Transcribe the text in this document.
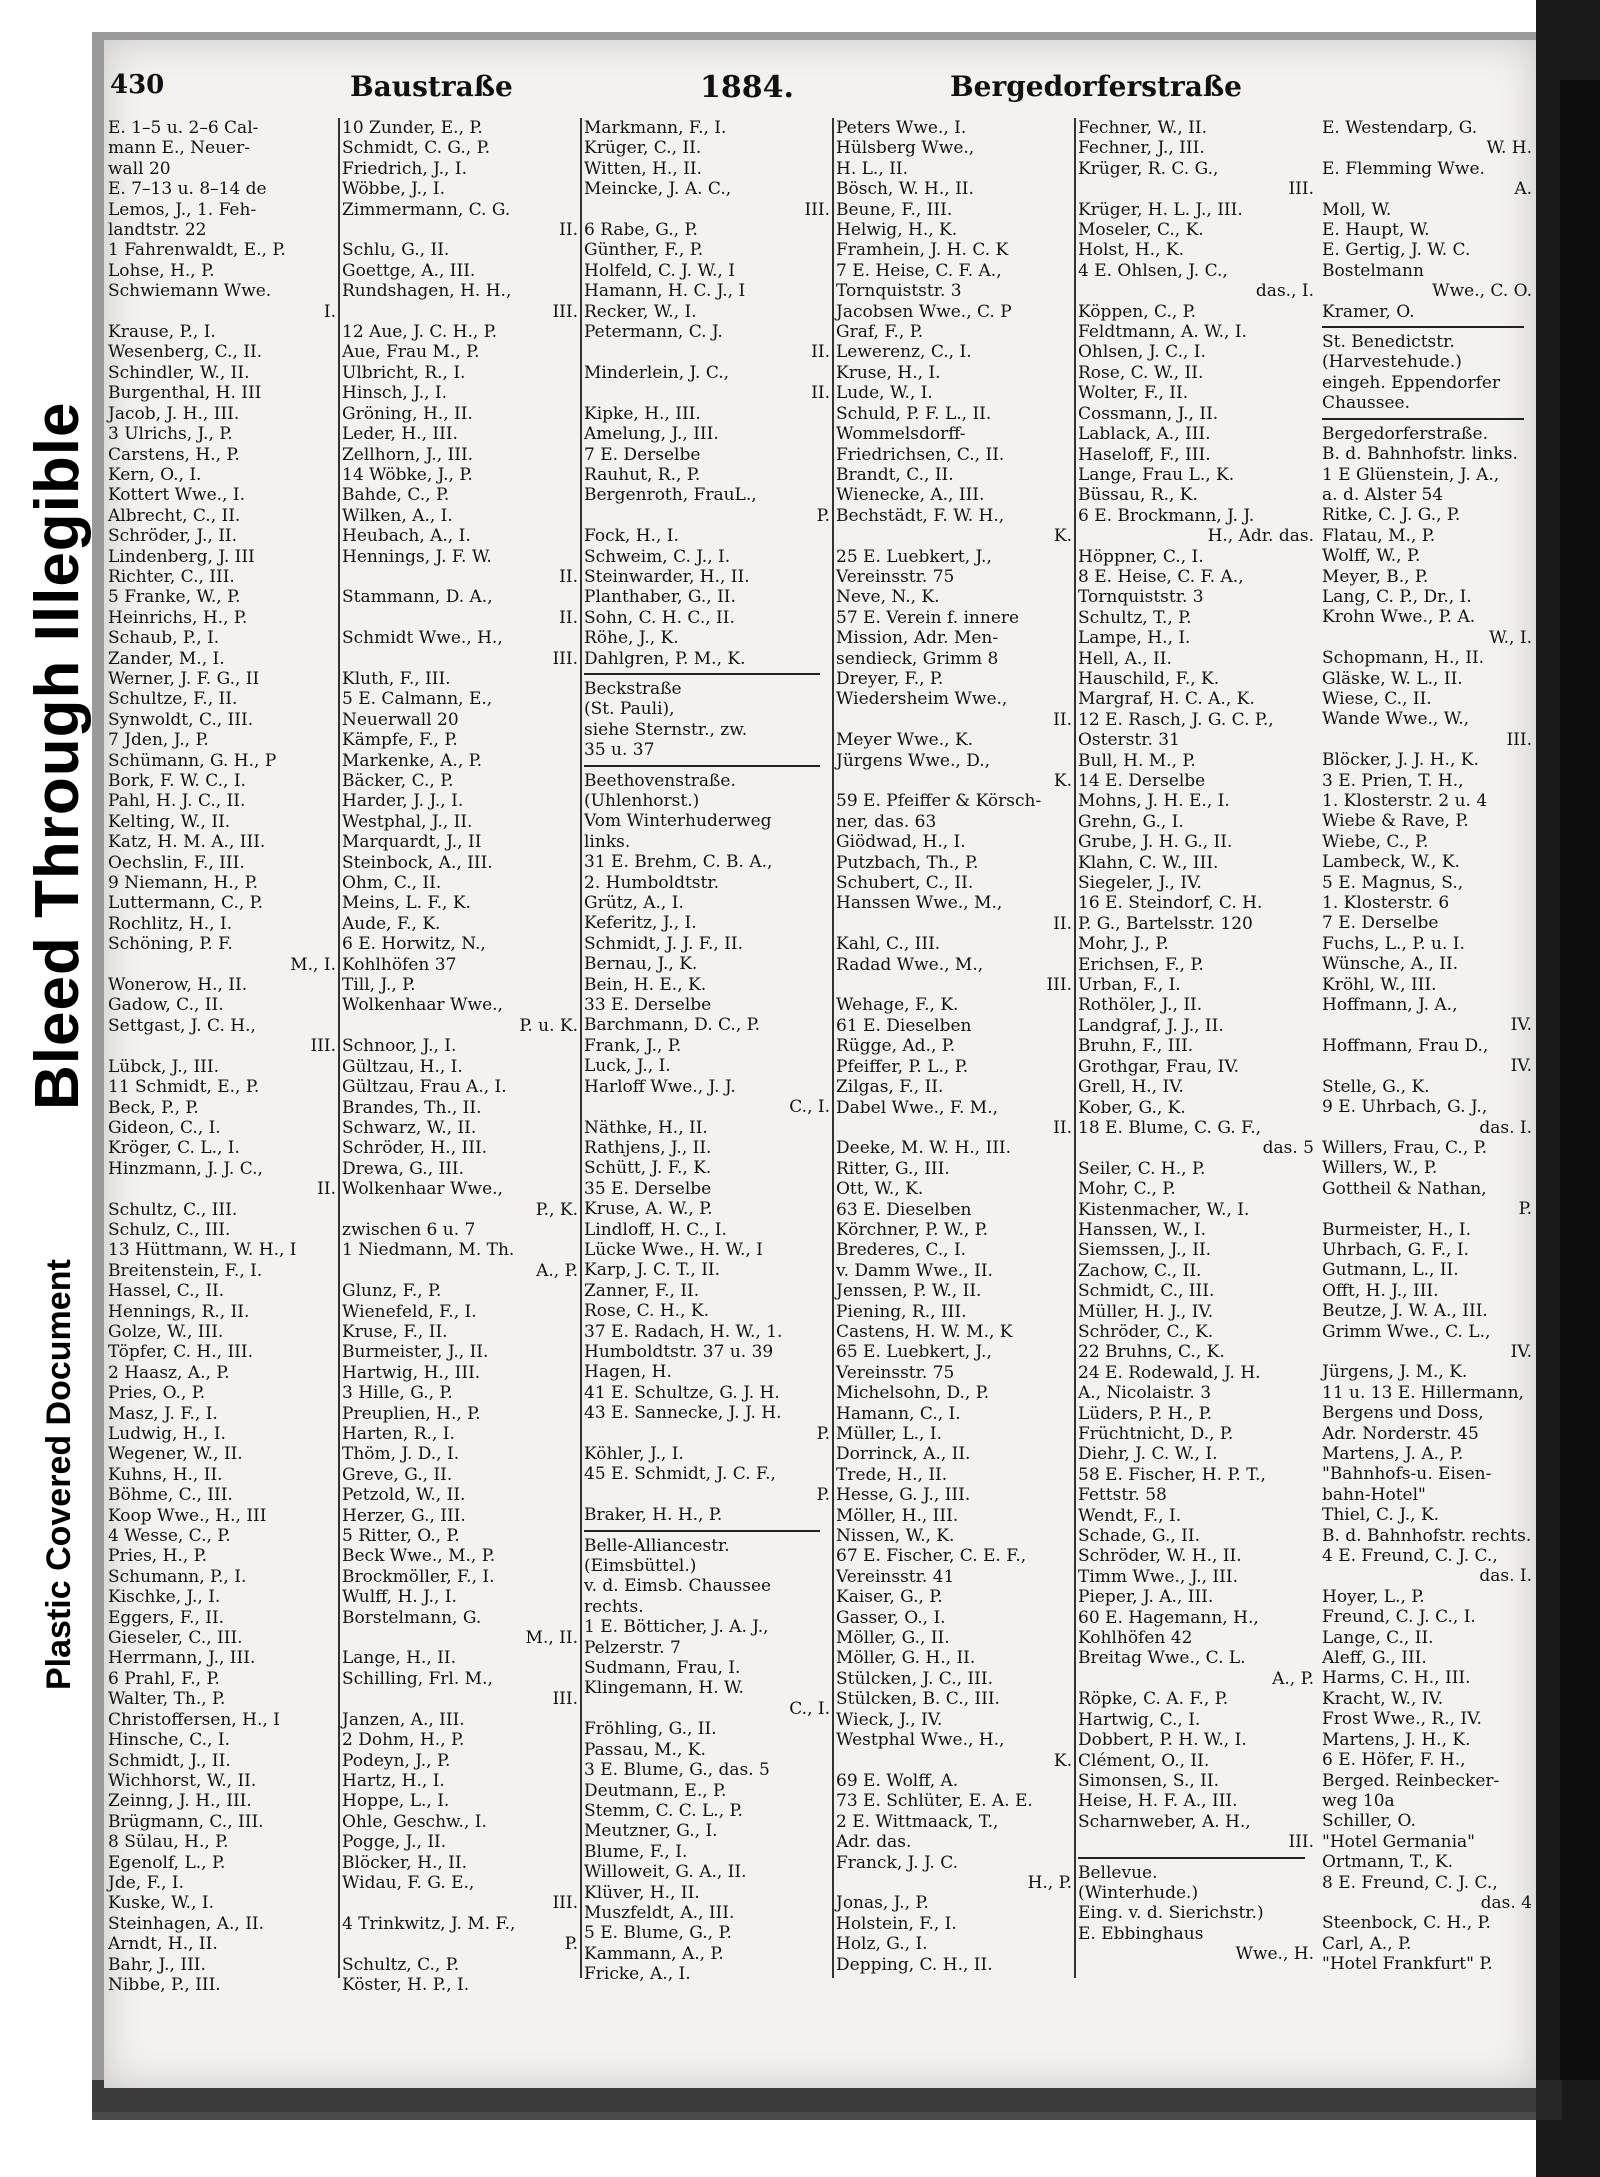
Bleed Through Illegible
Plastic Covered Document
430	Baustraße	1884.	Bergedorferstraße
E. 1–5 u. 2–6 Cal-
mann E., Neuer-
wall 20
E. 7–13 u. 8–14 de
Lemos, J., 1. Feh-
landtstr. 22
1 Fahrenwaldt, E., P.
Lohse, H., P.
Schwiemann Wwe.
I.
Krause, P., I.
Wesenberg, C., II.
Schindler, W., II.
Burgenthal, H. III
Jacob, J. H., III.
3 Ulrichs, J., P.
Carstens, H., P.
Kern, O., I.
Kottert Wwe., I.
Albrecht, C., II.
Schröder, J., II.
Lindenberg, J. III
Richter, C., III.
5 Franke, W., P.
Heinrichs, H., P.
Schaub, P., I.
Zander, M., I.
Werner, J. F. G., II
Schultze, F., II.
Synwoldt, C., III.
7 Jden, J., P.
Schümann, G. H., P
Bork, F. W. C., I.
Pahl, H. J. C., II.
Kelting, W., II.
Katz, H. M. A., III.
Oechslin, F., III.
9 Niemann, H., P.
Luttermann, C., P.
Rochlitz, H., I.
Schöning, P. F.
M., I.
Wonerow, H., II.
Gadow, C., II.
Settgast, J. C. H.,
III.
Lübck, J., III.
11 Schmidt, E., P.
Beck, P., P.
Gideon, C., I.
Kröger, C. L., I.
Hinzmann, J. J. C.,
II.
Schultz, C., III.
Schulz, C., III.
13 Hüttmann, W. H., I
Breitenstein, F., I.
Hassel, C., II.
Hennings, R., II.
Golze, W., III.
Töpfer, C. H., III.
2 Haasz, A., P.
Pries, O., P.
Masz, J. F., I.
Ludwig, H., I.
Wegener, W., II.
Kuhns, H., II.
Böhme, C., III.
Koop Wwe., H., III
4 Wesse, C., P.
Pries, H., P.
Schumann, P., I.
Kischke, J., I.
Eggers, F., II.
Gieseler, C., III.
Herrmann, J., III.
6 Prahl, F., P.
Walter, Th., P.
Christoffersen, H., I
Hinsche, C., I.
Schmidt, J., II.
Wichhorst, W., II.
Zeinng, J. H., III.
Brügmann, C., III.
8 Sülau, H., P.
Egenolf, L., P.
Jde, F., I.
Kuske, W., I.
Steinhagen, A., II.
Arndt, H., II.
Bahr, J., III.
Nibbe, P., III.
10 Zunder, E., P.
Schmidt, C. G., P.
Friedrich, J., I.
Wöbbe, J., I.
Zimmermann, C. G.
II.
Schlu, G., II.
Goettge, A., III.
Rundshagen, H. H.,
III.
12 Aue, J. C. H., P.
Aue, Frau M., P.
Ulbricht, R., I.
Hinsch, J., I.
Gröning, H., II.
Leder, H., III.
Zellhorn, J., III.
14 Wöbke, J., P.
Bahde, C., P.
Wilken, A., I.
Heubach, A., I.
Hennings, J. F. W.
II.
Stammann, D. A.,
II.
Schmidt Wwe., H.,
III.
Kluth, F., III.
5 E. Calmann, E.,
Neuerwall 20
Kämpfe, F., P.
Markenke, A., P.
Bäcker, C., P.
Harder, J. J., I.
Westphal, J., II.
Marquardt, J., II
Steinbock, A., III.
Ohm, C., II.
Meins, L. F., K.
Aude, F., K.
6 E. Horwitz, N.,
Kohlhöfen 37
Till, J., P.
Wolkenhaar Wwe.,
P. u. K.
Schnoor, J., I.
Gültzau, H., I.
Gültzau, Frau A., I.
Brandes, Th., II.
Schwarz, W., II.
Schröder, H., III.
Drewa, G., III.
Wolkenhaar Wwe.,
P., K.
zwischen 6 u. 7
1 Niedmann, M. Th.
A., P.
Glunz, F., P.
Wienefeld, F., I.
Kruse, F., II.
Burmeister, J., II.
Hartwig, H., III.
3 Hille, G., P.
Preuplien, H., P.
Harten, R., I.
Thöm, J. D., I.
Greve, G., II.
Petzold, W., II.
Herzer, G., III.
5 Ritter, O., P.
Beck Wwe., M., P.
Brockmöller, F., I.
Wulff, H. J., I.
Borstelmann, G.
M., II.
Lange, H., II.
Schilling, Frl. M.,
III.
Janzen, A., III.
2 Dohm, H., P.
Podeyn, J., P.
Hartz, H., I.
Hoppe, L., I.
Ohle, Geschw., I.
Pogge, J., II.
Blöcker, H., II.
Widau, F. G. E.,
III.
4 Trinkwitz, J. M. F.,
P.
Schultz, C., P.
Köster, H. P., I.
Peters Wwe., I.
Hülsberg Wwe.,
H. L., II.
Bösch, W. H., II.
Beune, F., III.
Helwig, H., K.
Framhein, J. H. C. K
7 E. Heise, C. F. A.,
Tornquiststr. 3
Jacobsen Wwe., C. P
Graf, F., P.
Lewerenz, C., I.
Kruse, H., I.
Lude, W., I.
Schuld, P. F. L., II.
Wommelsdorff-
Friedrichsen, C., II.
Brandt, C., II.
Wienecke, A., III.
Bechstädt, F. W. H.,
K.
25 E. Luebkert, J.,
Vereinsstr. 75
Neve, N., K.
57 E. Verein f. innere
Mission, Adr. Men-
sendieck, Grimm 8
Dreyer, F., P.
Wiedersheim Wwe.,
II.
Meyer Wwe., K.
Jürgens Wwe., D.,
K.
59 E. Pfeiffer & Körsch-
ner, das. 63
Giödwad, H., I.
Putzbach, Th., P.
Schubert, C., II.
Hanssen Wwe., M.,
II.
Kahl, C., III.
Radad Wwe., M.,
III.
Wehage, F., K.
61 E. Dieselben
Rügge, Ad., P.
Pfeiffer, P. L., P.
Zilgas, F., II.
Dabel Wwe., F. M.,
II.
Deeke, M. W. H., III.
Ritter, G., III.
Ott, W., K.
63 E. Dieselben
Körchner, P. W., P.
Brederes, C., I.
v. Damm Wwe., II.
Jenssen, P. W., II.
Piening, R., III.
Castens, H. W. M., K
65 E. Luebkert, J.,
Vereinsstr. 75
Michelsohn, D., P.
Hamann, C., I.
Müller, L., I.
Dorrinck, A., II.
Trede, H., II.
Hesse, G. J., III.
Möller, H., III.
Nissen, W., K.
67 E. Fischer, C. E. F.,
Vereinsstr. 41
Kaiser, G., P.
Gasser, O., I.
Möller, G., II.
Möller, G. H., II.
Stülcken, J. C., III.
Stülcken, B. C., III.
Wieck, J., IV.
Westphal Wwe., H.,
K.
69 E. Wolff, A.
73 E. Schlüter, E. A. E.
2 E. Wittmaack, T.,
Adr. das.
Franck, J. J. C.
H., P.
Jonas, J., P.
Holstein, F., I.
Holz, G., I.
Depping, C. H., II.
Fechner, W., II.
Fechner, J., III.
Krüger, R. C. G.,
III.
Krüger, H. L. J., III.
Moseler, C., K.
Holst, H., K.
4 E. Ohlsen, J. C.,
das., I.
Köppen, C., P.
Feldtmann, A. W., I.
Ohlsen, J. C., I.
Rose, C. W., II.
Wolter, F., II.
Cossmann, J., II.
Lablack, A., III.
Haseloff, F., III.
Lange, Frau L., K.
Büssau, R., K.
6 E. Brockmann, J. J.
H., Adr. das.
Höppner, C., I.
8 E. Heise, C. F. A.,
Tornquiststr. 3
Schultz, T., P.
Lampe, H., I.
Hell, A., II.
Hauschild, F., K.
Margraf, H. C. A., K.
12 E. Rasch, J. G. C. P.,
Osterstr. 31
Bull, H. M., P.
14 E. Derselbe
Mohns, J. H. E., I.
Grehn, G., I.
Grube, J. H. G., II.
Klahn, C. W., III.
Siegeler, J., IV.
16 E. Steindorf, C. H.
P. G., Bartelsstr. 120
Mohr, J., P.
Erichsen, F., P.
Urban, F., I.
Rothöler, J., II.
Landgraf, J. J., II.
Bruhn, F., III.
Grothgar, Frau, IV.
Grell, H., IV.
Kober, G., K.
18 E. Blume, C. G. F.,
das. 5
Seiler, C. H., P.
Mohr, C., P.
Kistenmacher, W., I.
Hanssen, W., I.
Siemssen, J., II.
Zachow, C., II.
Schmidt, C., III.
Müller, H. J., IV.
Schröder, C., K.
22 Bruhns, C., K.
24 E. Rodewald, J. H.
A., Nicolaistr. 3
Lüders, P. H., P.
Früchtnicht, D., P.
Diehr, J. C. W., I.
58 E. Fischer, H. P. T.,
Fettstr. 58
Wendt, F., I.
Schade, G., II.
Schröder, W. H., II.
Timm Wwe., J., III.
Pieper, J. A., III.
60 E. Hagemann, H.,
Kohlhöfen 42
Breitag Wwe., C. L.
A., P.
Röpke, C. A. F., P.
Hartwig, C., I.
Dobbert, P. H. W., I.
Clément, O., II.
Simonsen, S., II.
Heise, H. F. A., III.
Scharnweber, A. H.,
III.
Bellevue.
(Winterhude.)
Eing. v. d. Sierichstr.)
E. Ebbinghaus
Wwe., H.
E. Westendarp, G.
W. H.
E. Flemming Wwe.
A.
Moll, W.
E. Haupt, W.
E. Gertig, J. W. C.
Bostelmann
Wwe., C. O.
Kramer, O.
St. Benedictstr.
(Harvestehude.)
eingeh. Eppendorfer
Chaussee.
Bergedorferstraße.
B. d. Bahnhofstr. links.
1 E Glüenstein, J. A.,
a. d. Alster 54
Ritke, C. J. G., P.
Flatau, M., P.
Wolff, W., P.
Meyer, B., P.
Lang, C. P., Dr., I.
Krohn Wwe., P. A.
W., I.
Schopmann, H., II.
Gläske, W. L., II.
Wiese, C., II.
Wande Wwe., W.,
III.
Blöcker, J. J. H., K.
3 E. Prien, T. H.,
1. Klosterstr. 2 u. 4
Wiebe & Rave, P.
Wiebe, C., P.
Lambeck, W., K.
5 E. Magnus, S.,
1. Klosterstr. 6
7 E. Derselbe
Fuchs, L., P. u. I.
Wünsche, A., II.
Kröhl, W., III.
Hoffmann, J. A.,
IV.
Hoffmann, Frau D.,
IV.
Stelle, G., K.
9 E. Uhrbach, G. J.,
das. I.
Willers, Frau, C., P.
Willers, W., P.
Gottheil & Nathan,
P.
Burmeister, H., I.
Uhrbach, G. F., I.
Gutmann, L., II.
Offt, H. J., III.
Beutze, J. W. A., III.
Grimm Wwe., C. L.,
IV.
Jürgens, J. M., K.
11 u. 13 E. Hillermann,
Bergens und Doss,
Adr. Norderstr. 45
Martens, J. A., P.
"Bahnhofs-u. Eisen-
bahn-Hotel"
Thiel, C. J., K.
B. d. Bahnhofstr. rechts.
4 E. Freund, C. J. C.,
das. I.
Hoyer, L., P.
Freund, C. J. C., I.
Lange, C., II.
Aleff, G., III.
Harms, C. H., III.
Kracht, W., IV.
Frost Wwe., R., IV.
Martens, J. H., K.
6 E. Höfer, F. H.,
Berged. Reinbecker-
weg 10a
Schiller, O.
"Hotel Germania"
Ortmann, T., K.
8 E. Freund, C. J. C.,
das. 4
Steenbock, C. H., P.
Carl, A., P.
"Hotel Frankfurt" P.
Markmann, F., I.
Krüger, C., II.
Witten, H., II.
Meincke, J. A. C.,
III.
6 Rabe, G., P.
Günther, F., P.
Holfeld, C. J. W., I
Hamann, H. C. J., I
Recker, W., I.
Petermann, C. J.
II.
Minderlein, J. C.,
II.
Kipke, H., III.
Amelung, J., III.
7 E. Derselbe
Rauhut, R., P.
Bergenroth, FrauL.,
P.
Fock, H., I.
Schweim, C. J., I.
Steinwarder, H., II.
Planthaber, G., II.
Sohn, C. H. C., II.
Röhe, J., K.
Dahlgren, P. M., K.
Beckstraße
(St. Pauli),
siehe Sternstr., zw.
35 u. 37
Beethovenstraße.
(Uhlenhorst.)
Vom Winterhuderweg
links.
31 E. Brehm, C. B. A.,
2. Humboldtstr.
Grütz, A., I.
Keferitz, J., I.
Schmidt, J. J. F., II.
Bernau, J., K.
Bein, H. E., K.
33 E. Derselbe
Barchmann, D. C., P.
Frank, J., P.
Luck, J., I.
Harloff Wwe., J. J.
C., I.
Näthke, H., II.
Rathjens, J., II.
Schütt, J. F., K.
35 E. Derselbe
Kruse, A. W., P.
Lindloff, H. C., I.
Lücke Wwe., H. W., I
Karp, J. C. T., II.
Zanner, F., II.
Rose, C. H., K.
37 E. Radach, H. W., 1.
Humboldtstr. 37 u. 39
Hagen, H.
41 E. Schultze, G. J. H.
43 E. Sannecke, J. J. H.
P.
Köhler, J., I.
45 E. Schmidt, J. C. F.,
P.
Braker, H. H., P.
Belle-Alliancestr.
(Eimsbüttel.)
v. d. Eimsb. Chaussee
rechts.
1 E. Bötticher, J. A. J.,
Pelzerstr. 7
Sudmann, Frau, I.
Klingemann, H. W.
C., I.
Fröhling, G., II.
Passau, M., K.
3 E. Blume, G., das. 5
Deutmann, E., P.
Stemm, C. C. L., P.
Meutzner, G., I.
Blume, F., I.
Willoweit, G. A., II.
Klüver, H., II.
Muszfeldt, A., III.
5 E. Blume, G., P.
Kammann, A., P.
Fricke, A., I.
